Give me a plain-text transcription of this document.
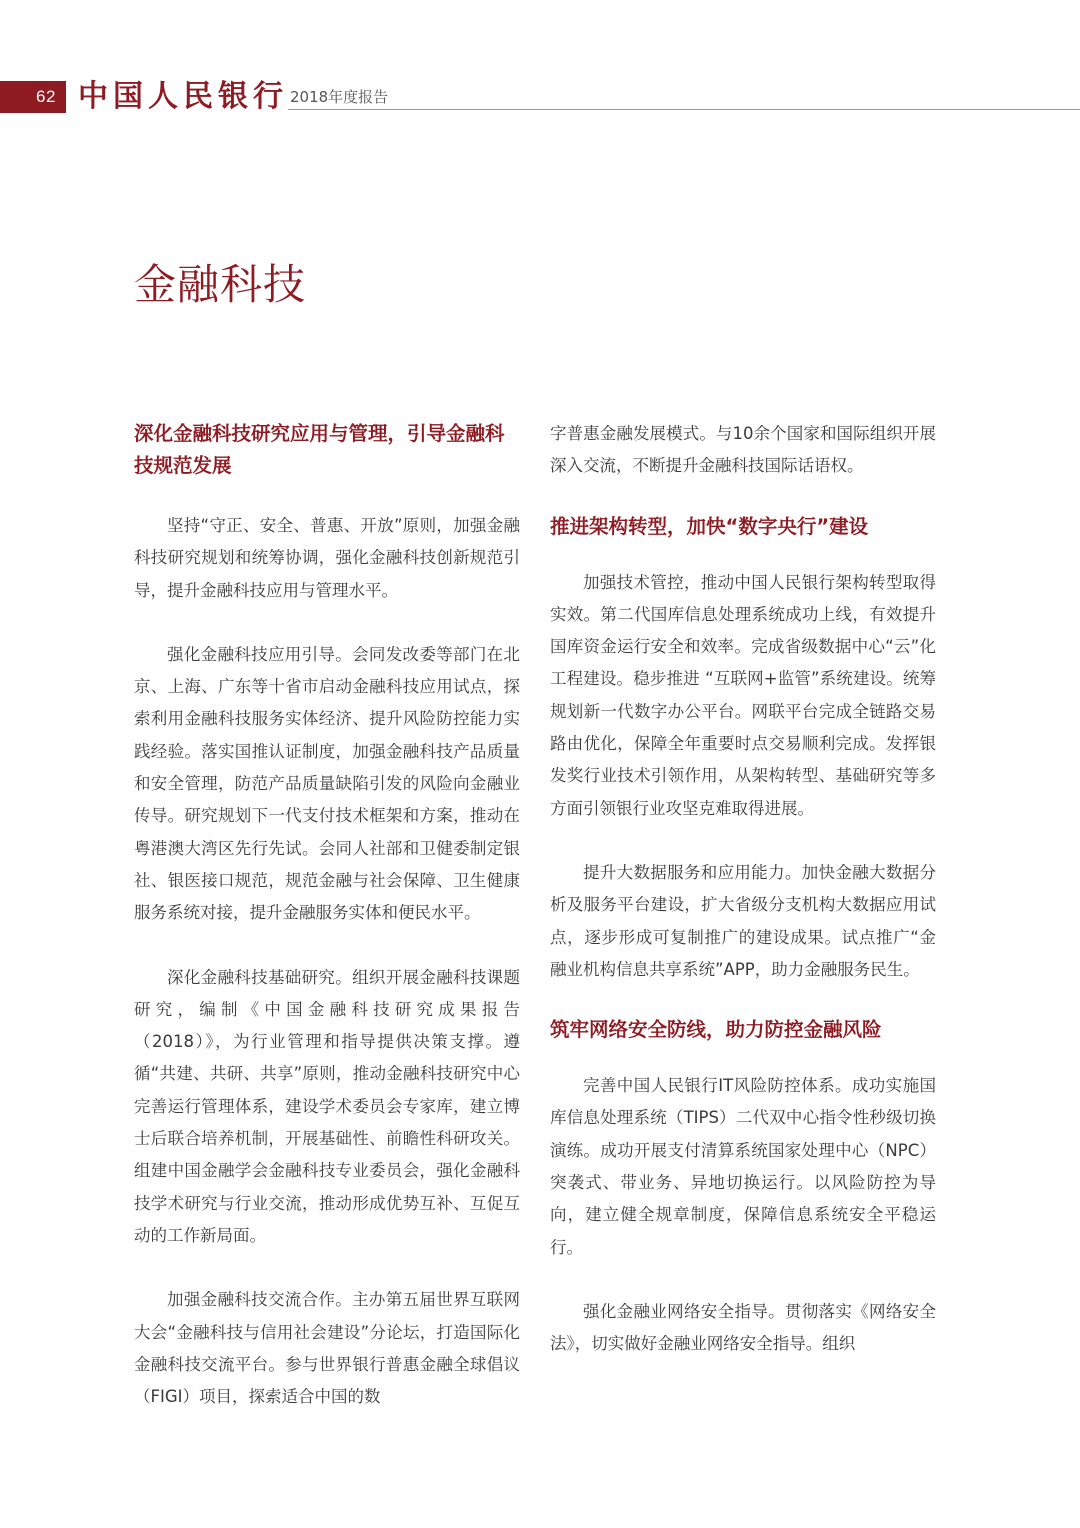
62 中国人民银行 2018年度报告
金融科技
深化金融科技研究应用与管理，引导金融科技规范发展

坚持“守正、安全、普惠、开放”原则，加强金融科技研究规划和统筹协调，强化金融科技创新规范引导，提升金融科技应用与管理水平。

强化金融科技应用引导。会同发改委等部门在北京、上海、广东等十省市启动金融科技应用试点，探索利用金融科技服务实体经济、提升风险防控能力实践经验。落实国推认证制度，加强金融科技产品质量和安全管理，防范产品质量缺陷引发的风险向金融业传导。研究规划下一代支付技术框架和方案，推动在粤港澳大湾区先行先试。会同人社部和卫健委制定银社、银医接口规范，规范金融与社会保障、卫生健康服务系统对接，提升金融服务实体和便民水平。

深化金融科技基础研究。组织开展金融科技课题研究，编制《中国金融科技研究成果报告（2018）》，为行业管理和指导提供决策支撑。遵循“共建、共研、共享”原则，推动金融科技研究中心完善运行管理体系，建设学术委员会专家库，建立博士后联合培养机制，开展基础性、前瞻性科研攻关。组建中国金融学会金融科技专业委员会，强化金融科技学术研究与行业交流，推动形成优势互补、互促互动的工作新局面。

加强金融科技交流合作。主办第五届世界互联网大会“金融科技与信用社会建设”分论坛，打造国际化金融科技交流平台。参与世界银行普惠金融全球倡议（FIGI）项目，探索适合中国的数

字普惠金融发展模式。与10余个国家和国际组织开展深入交流，不断提升金融科技国际话语权。

推进架构转型，加快“数字央行”建设

加强技术管控，推动中国人民银行架构转型取得实效。第二代国库信息处理系统成功上线，有效提升国库资金运行安全和效率。完成省级数据中心“云”化工程建设。稳步推进 “互联网+监管”系统建设。统筹规划新一代数字办公平台。网联平台完成全链路交易路由优化，保障全年重要时点交易顺利完成。发挥银发奖行业技术引领作用，从架构转型、基础研究等多方面引领银行业攻坚克难取得进展。

提升大数据服务和应用能力。加快金融大数据分析及服务平台建设，扩大省级分支机构大数据应用试点，逐步形成可复制推广的建设成果。试点推广“金融业机构信息共享系统”APP，助力金融服务民生。

筑牢网络安全防线，助力防控金融风险

完善中国人民银行IT风险防控体系。成功实施国库信息处理系统（TIPS）二代双中心指令性秒级切换演练。成功开展支付清算系统国家处理中心（NPC）突袭式、带业务、异地切换运行。以风险防控为导向，建立健全规章制度，保障信息系统安全平稳运行。

强化金融业网络安全指导。贯彻落实《网络安全法》，切实做好金融业网络安全指导。组织
